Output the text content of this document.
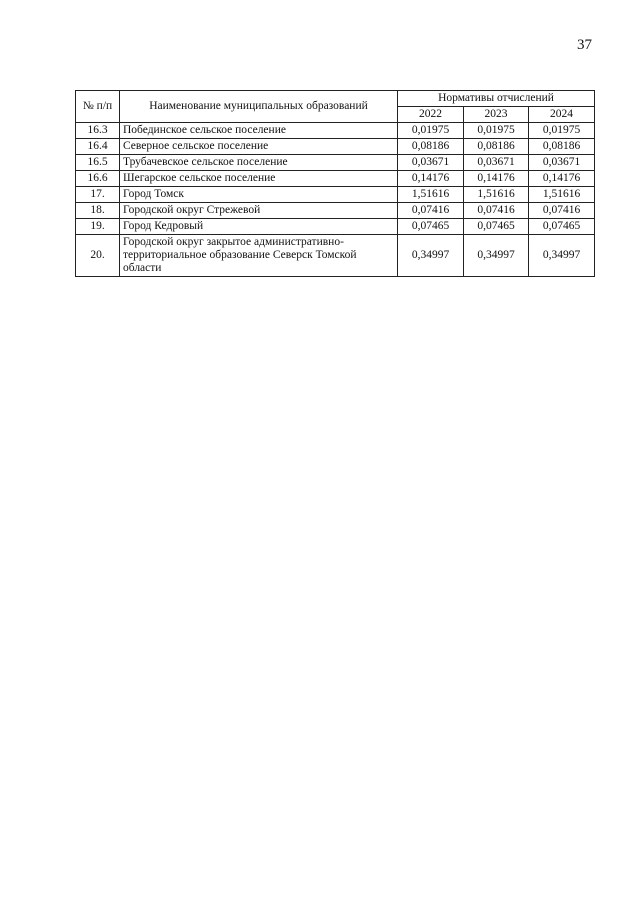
37
№ п/п	Наименование муниципальных образований	Нормативы отчислений		
		2022	2023	2024
16.3	Побединское сельское поселение	0,01975	0,01975	0,01975
16.4	Северное сельское поселение	0,08186	0,08186	0,08186
16.5	Трубачевское сельское поселение	0,03671	0,03671	0,03671
16.6	Шегарское сельское поселение	0,14176	0,14176	0,14176
17.	Город Томск	1,51616	1,51616	1,51616
18.	Городской округ Стрежевой	0,07416	0,07416	0,07416
19.	Город Кедровый	0,07465	0,07465	0,07465
20.	Городской округ закрытое административно-территориальное образование Северск Томской области	0,34997	0,34997	0,34997
